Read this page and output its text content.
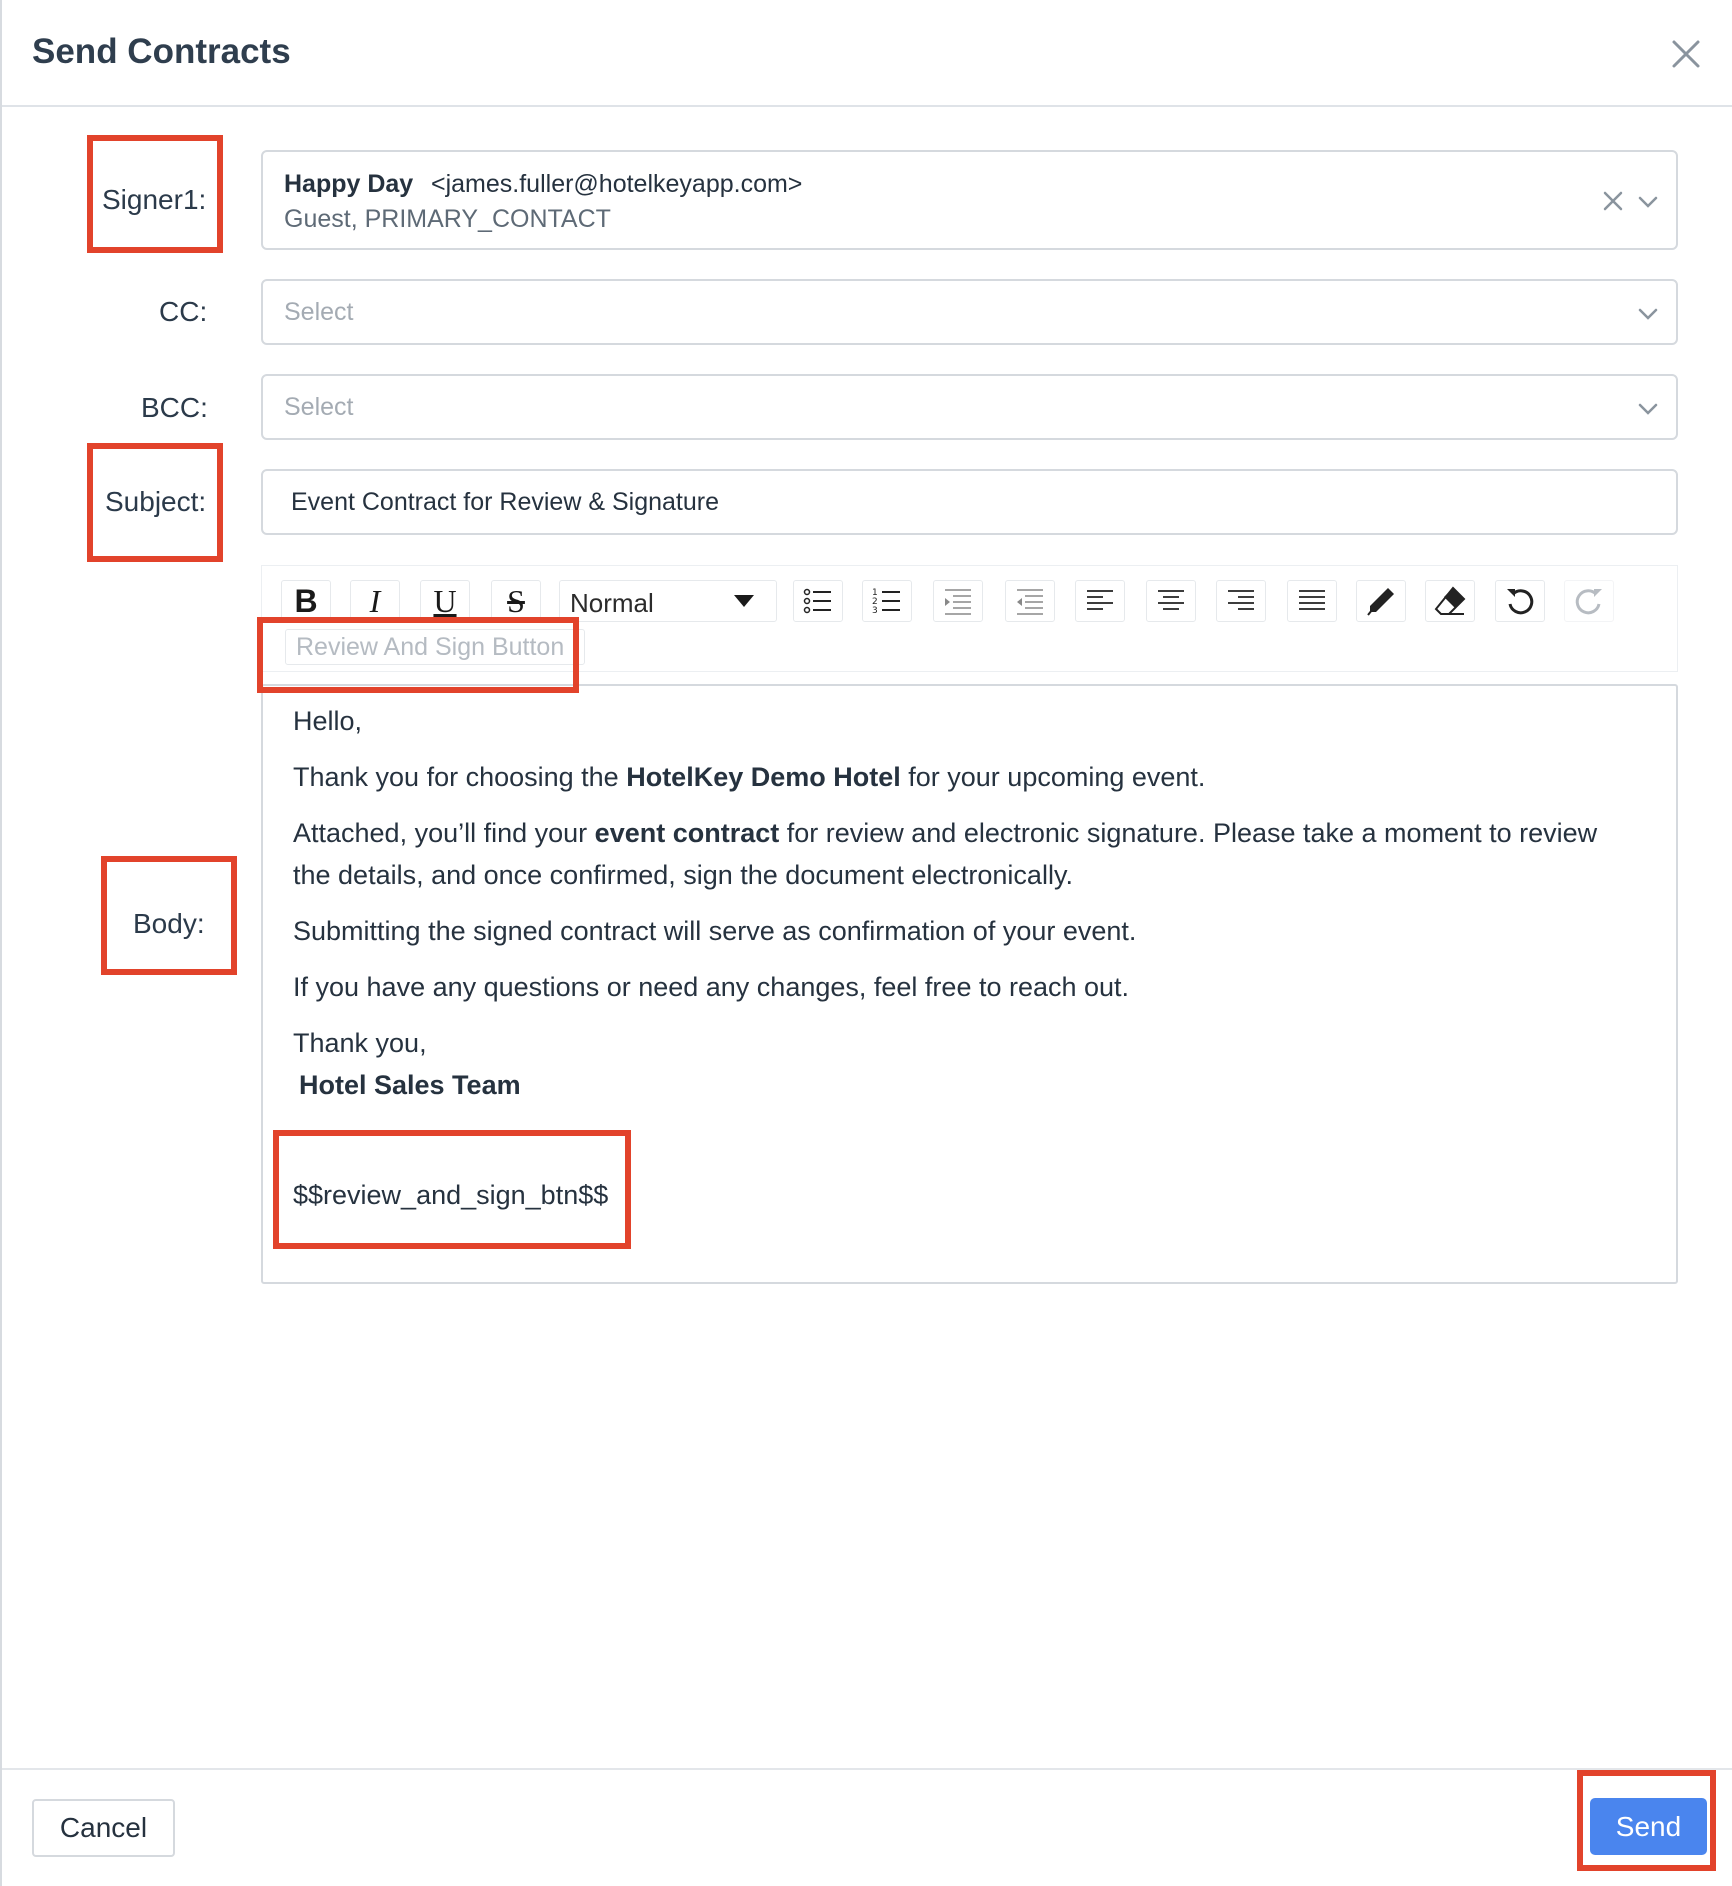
Send Contracts
Signer1:	Happy Day <james.fuller@hotelkeyapp.com>
Guest, PRIMARY_CONTACT
CC:	Select
BCC:	Select
Subject:	Event Contract for Review & Signature
B I U S Normal	1
2
3
Review And Sign Button
Body:
Hello,
Thank you for choosing the HotelKey Demo Hotel for your upcoming event.
Attached, you’ll find your event contract for review and electronic signature. Please take a moment to review
the details, and once confirmed, sign the document electronically.
Submitting the signed contract will serve as confirmation of your event.
If you have any questions or need any changes, feel free to reach out.
Thank you,
Hotel Sales Team
$$review_and_sign_btn$$
Cancel	Send
